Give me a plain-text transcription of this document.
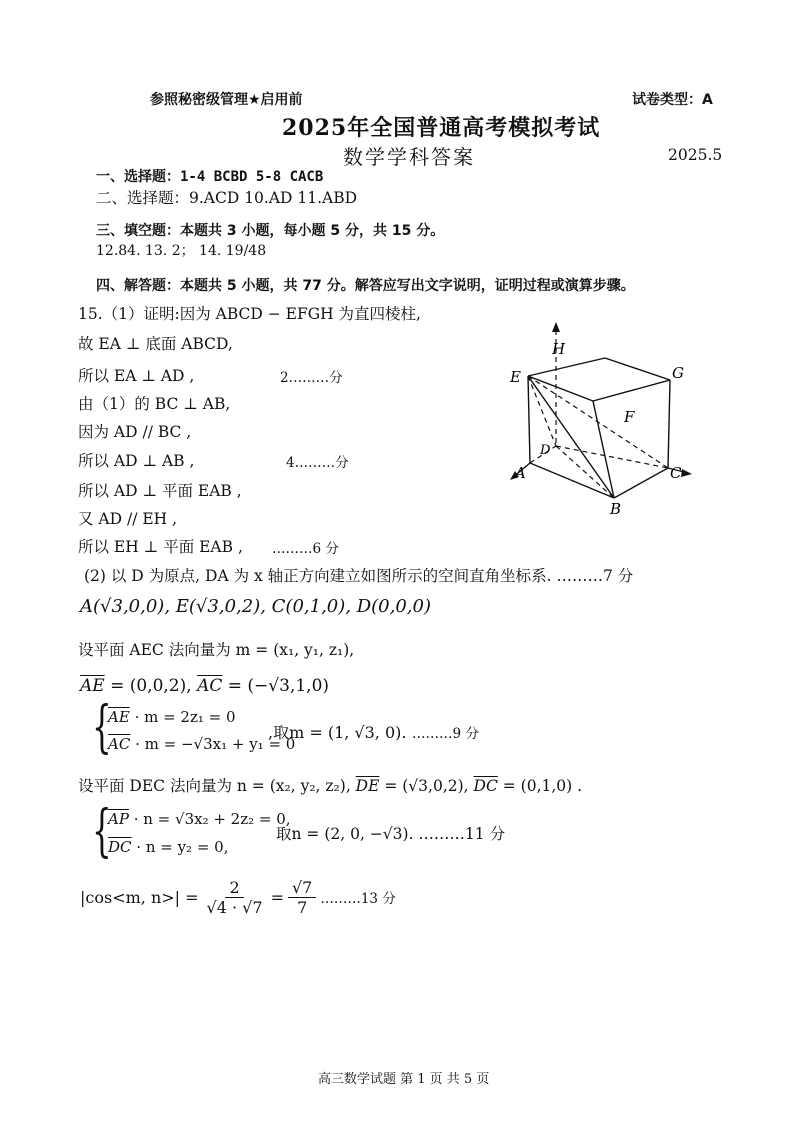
参照秘密级管理★启用前	试卷类型：A
2025年全国普通高考模拟考试
数学学科答案	2025.5
一、选择题：1-4 BCBD 5-8 CACB
二、选择题：9.ACD 10.AD 11.ABD
三、填空题：本题共 3 小题，每小题 5 分，共 15 分。
12.84. 13. 2； 14. 19/48
四、解答题：本题共 5 小题，共 77 分。解答应写出文字说明，证明过程或演算步骤。
15.（1）证明:因为 ABCD − EFGH 为直四棱柱,
故 EA ⊥ 底面 ABCD,
所以 EA ⊥ AD ,	2………分
由（1）的 BC ⊥ AB,
因为 AD // BC ,
所以 AD ⊥ AB ,	4………分
所以 AD ⊥ 平面 EAB ,
又 AD // EH ,
所以 EH ⊥ 平面 EAB , ………6 分
H
G
E
F
D
A	C
B
(2) 以 D 为原点, DA 为 x 轴正方向建立如图所示的空间直角坐标系. ………7 分
A(√3,0,0), E(√3,0,2), C(0,1,0), D(0,0,0)
设平面 AEC 法向量为 m = (x₁, y₁, z₁),
$\overline{AE} = (0,0,2)$, $\overline{AC} = (-√3,1,0)$
{
$\overline{AE} \cdot m = 2z_1 = 0$
$\overline{AC} \cdot m = -√3x_1 + y_1 = 0$
,取m = (1, √3, 0). ………9 分
设平面 DEC 法向量为 n = (x₂, y₂, z₂), $\overline{DE} = (√3,0,2)$, $\overline{DC} = (0,1,0)$ .
{
$\overline{AP} \cdot n = √3x_2 + 2z_2 = 0$,
$\overline{DC} \cdot n = y_2 = 0$,
取n = (2, 0, −√3). ………11 分
|cos<m, $n>| = \frac{2}{√4 \cdot √7} = \frac{√7}{7}$ ………13 分
高三数学试题 第 1 页 共 5 页
